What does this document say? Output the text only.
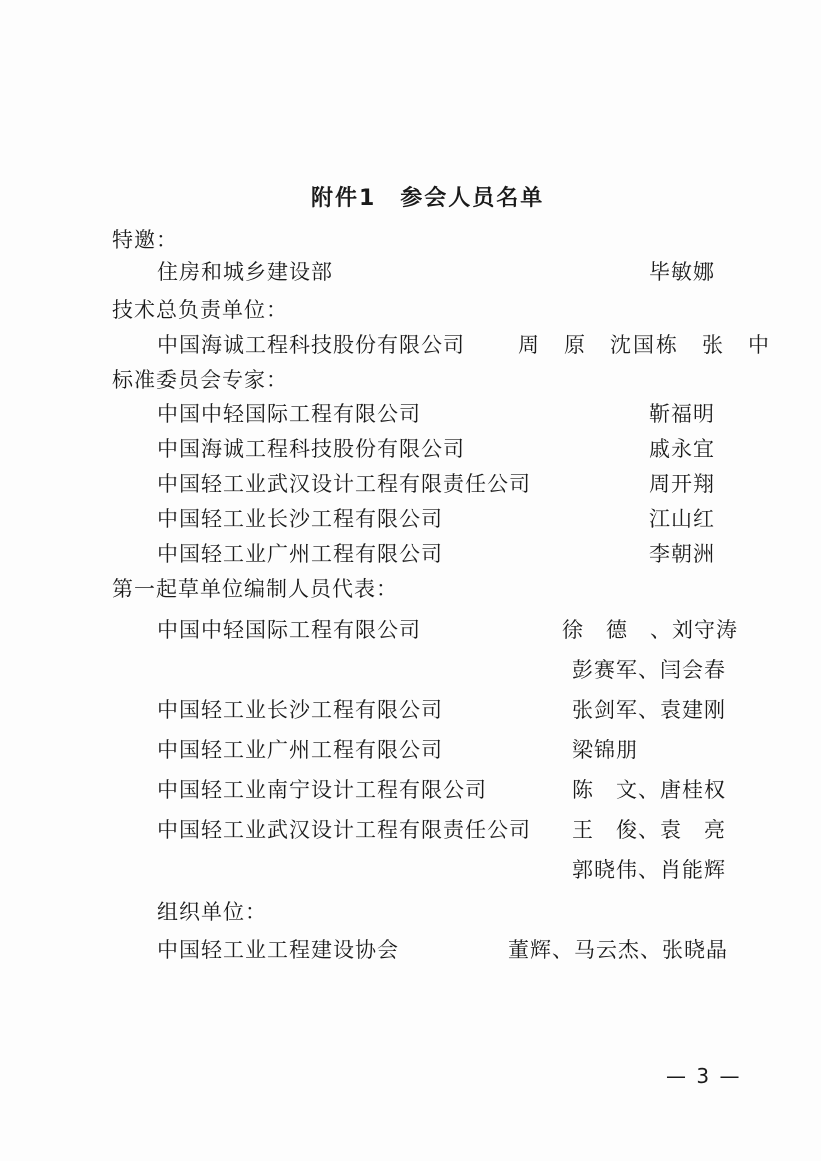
附件1　参会人员名单
特邀：
住房和城乡建设部	毕敏娜
技术总负责单位：
中国海诚工程科技股份有限公司	周　原　沈国栋　张　中
标准委员会专家：
中国中轻国际工程有限公司	靳福明
中国海诚工程科技股份有限公司	戚永宜
中国轻工业武汉设计工程有限责任公司	周开翔
中国轻工业长沙工程有限公司	江山红
中国轻工业广州工程有限公司	李朝洲
第一起草单位编制人员代表：
中国中轻国际工程有限公司	徐　德　、刘守涛
彭赛军、闫会春
中国轻工业长沙工程有限公司	张剑军、袁建刚
中国轻工业广州工程有限公司	梁锦朋
中国轻工业南宁设计工程有限公司	陈　文、唐桂权
中国轻工业武汉设计工程有限责任公司 王　俊、袁　亮
郭晓伟、肖能辉
组织单位：
中国轻工业工程建设协会	董辉、马云杰、张晓晶
— 3 —
